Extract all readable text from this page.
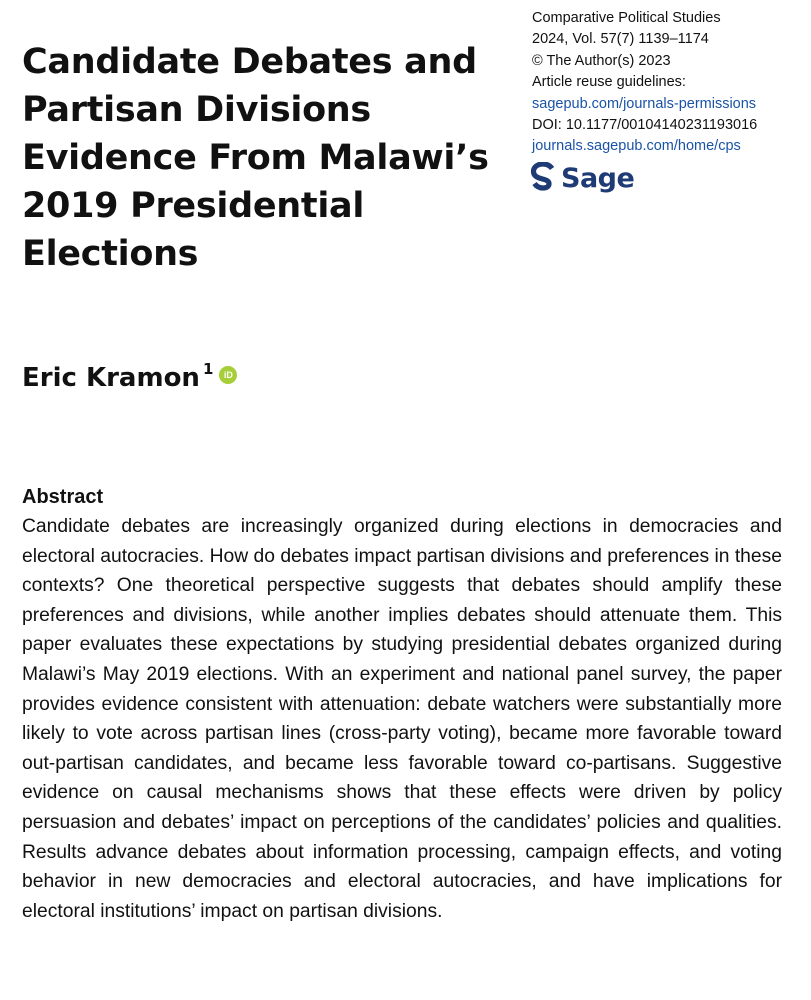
Candidate Debates and
Partisan Divisions
Evidence From Malawi’s
2019 Presidential
Elections
Comparative Political Studies
2024, Vol. 57(7) 1139–1174
© The Author(s) 2023
Article reuse guidelines:
sagepub.com/journals-permissions
DOI: 10.1177/00104140231193016
journals.sagepub.com/home/cps
Sage
Eric Kramon 1 iD
Abstract

Candidate debates are increasingly organized during elections in democracies and electoral autocracies. How do debates impact partisan divisions and preferences in these contexts? One theoretical perspective suggests that debates should amplify these preferences and divisions, while another implies debates should attenuate them. This paper evaluates these expectations by studying presidential debates organized during Malawi’s May 2019 elections. With an experiment and national panel survey, the paper provides evidence consistent with attenuation: debate watchers were substantially more likely to vote across partisan lines (cross-party voting), became more favorable toward out-partisan candidates, and became less favorable toward co-partisans. Suggestive evidence on causal mechanisms shows that these effects were driven by policy persuasion and debates’ impact on perceptions of the candidates’ policies and qualities. Results advance debates about information processing, campaign effects, and voting behavior in new democracies and electoral autocracies, and have implications for electoral institutions’ impact on partisan divisions.
